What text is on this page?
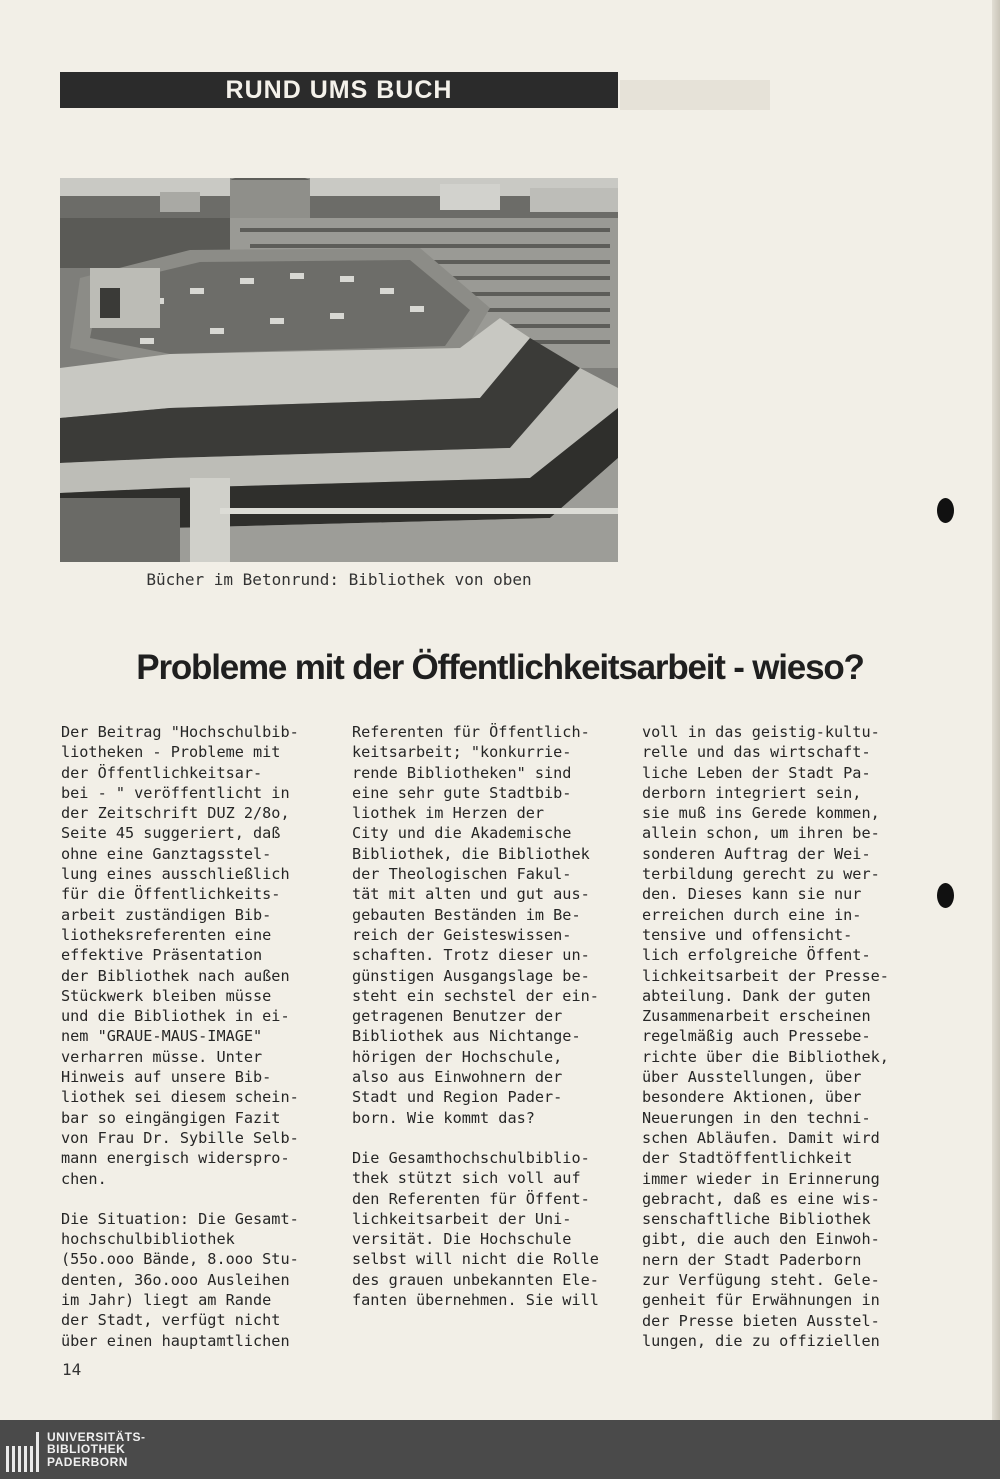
RUND UMS BUCH
Bücher im Betonrund: Bibliothek von oben
Probleme mit der Öffentlichkeitsarbeit - wieso?

Der Beitrag "Hochschulbib-
liotheken - Probleme mit
der Öffentlichkeitsar-
bei - " veröffentlicht in
der Zeitschrift DUZ 2/8o,
Seite 45 suggeriert, daß
ohne eine Ganztagsstel-
lung eines ausschließlich
für die Öffentlichkeits-
arbeit zuständigen Bib-
liotheksreferenten eine
effektive Präsentation
der Bibliothek nach außen
Stückwerk bleiben müsse
und die Bibliothek in ei-
nem "GRAUE-MAUS-IMAGE"
verharren müsse. Unter
Hinweis auf unsere Bib-
liothek sei diesem schein-
bar so eingängigen Fazit
von Frau Dr. Sybille Selb-
mann energisch widerspro-
chen.

Die Situation: Die Gesamt-
hochschulbibliothek
(55o.ooo Bände, 8.ooo Stu-
denten, 36o.ooo Ausleihen
im Jahr) liegt am Rande
der Stadt, verfügt nicht
über einen hauptamtlichen

Referenten für Öffentlich-
keitsarbeit; "konkurrie-
rende Bibliotheken" sind
eine sehr gute Stadtbib-
liothek im Herzen der
City und die Akademische
Bibliothek, die Bibliothek
der Theologischen Fakul-
tät mit alten und gut aus-
gebauten Beständen im Be-
reich der Geisteswissen-
schaften. Trotz dieser un-
günstigen Ausgangslage be-
steht ein sechstel der ein-
getragenen Benutzer der
Bibliothek aus Nichtange-
hörigen der Hochschule,
also aus Einwohnern der
Stadt und Region Pader-
born. Wie kommt das?

Die Gesamthochschulbiblio-
thek stützt sich voll auf
den Referenten für Öffent-
lichkeitsarbeit der Uni-
versität. Die Hochschule
selbst will nicht die Rolle
des grauen unbekannten Ele-
fanten übernehmen. Sie will

voll in das geistig-kultu-
relle und das wirtschaft-
liche Leben der Stadt Pa-
derborn integriert sein,
sie muß ins Gerede kommen,
allein schon, um ihren be-
sonderen Auftrag der Wei-
terbildung gerecht zu wer-
den. Dieses kann sie nur
erreichen durch eine in-
tensive und offensicht-
lich erfolgreiche Öffent-
lichkeitsarbeit der Presse-
abteilung. Dank der guten
Zusammenarbeit erscheinen
regelmäßig auch Pressebe-
richte über die Bibliothek,
über Ausstellungen, über
besondere Aktionen, über
Neuerungen in den techni-
schen Abläufen. Damit wird
der Stadtöffentlichkeit
immer wieder in Erinnerung
gebracht, daß es eine wis-
senschaftliche Bibliothek
gibt, die auch den Einwoh-
nern der Stadt Paderborn
zur Verfügung steht. Gele-
genheit für Erwähnungen in
der Presse bieten Ausstel-
lungen, die zu offiziellen

14
UNIVERSITÄTS-
BIBLIOTHEK
PADERBORN
